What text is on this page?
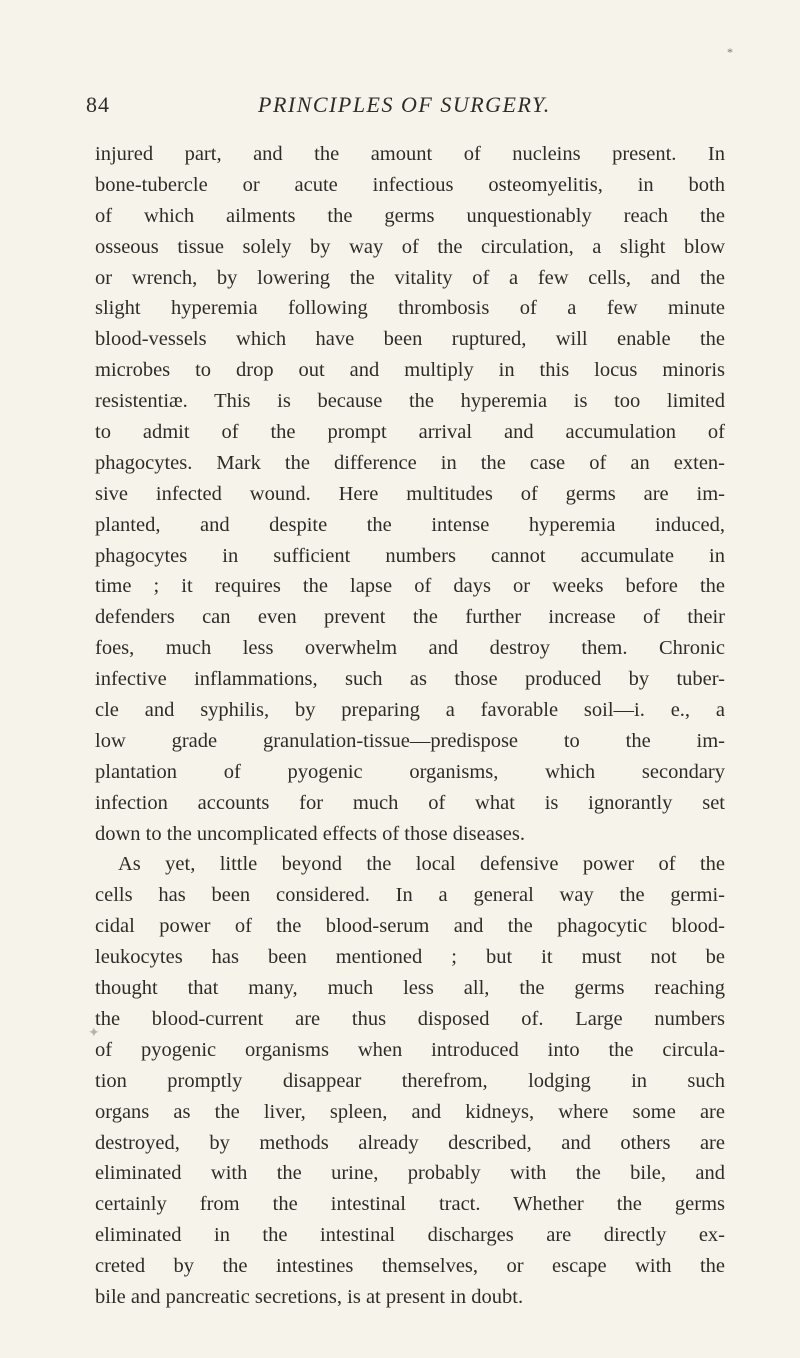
*
84	PRINCIPLES OF SURGERY.
✦
injured part, and the amount of nucleins present. In
bone-tubercle or acute infectious osteomyelitis, in both
of which ailments the germs unquestionably reach the
osseous tissue solely by way of the circulation, a slight blow
or wrench, by lowering the vitality of a few cells, and the
slight hyperemia following thrombosis of a few minute
blood-vessels which have been ruptured, will enable the
microbes to drop out and multiply in this locus minoris
resistentiæ. This is because the hyperemia is too limited
to admit of the prompt arrival and accumulation of
phagocytes. Mark the difference in the case of an exten-
sive infected wound. Here multitudes of germs are im-
planted, and despite the intense hyperemia induced,
phagocytes in sufficient numbers cannot accumulate in
time ; it requires the lapse of days or weeks before the
defenders can even prevent the further increase of their
foes, much less overwhelm and destroy them. Chronic
infective inflammations, such as those produced by tuber-
cle and syphilis, by preparing a favorable soil—i. e., a
low grade granulation-tissue—predispose to the im-
plantation of pyogenic organisms, which secondary
infection accounts for much of what is ignorantly set
down to the uncomplicated effects of those diseases.
As yet, little beyond the local defensive power of the
cells has been considered. In a general way the germi-
cidal power of the blood-serum and the phagocytic blood-
leukocytes has been mentioned ; but it must not be
thought that many, much less all, the germs reaching
the blood-current are thus disposed of. Large numbers
of pyogenic organisms when introduced into the circula-
tion promptly disappear therefrom, lodging in such
organs as the liver, spleen, and kidneys, where some are
destroyed, by methods already described, and others are
eliminated with the urine, probably with the bile, and
certainly from the intestinal tract. Whether the germs
eliminated in the intestinal discharges are directly ex-
creted by the intestines themselves, or escape with the
bile and pancreatic secretions, is at present in doubt.
